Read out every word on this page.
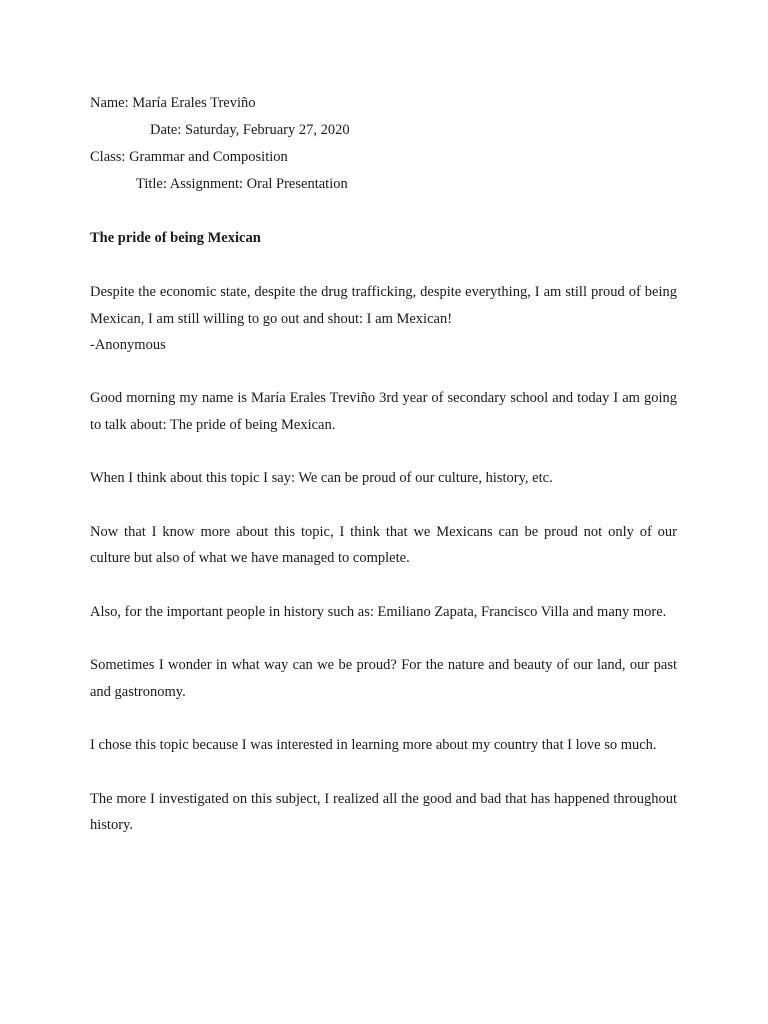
Name: María Erales Treviño
Date: Saturday, February 27, 2020
Class: Grammar and Composition
Title: Assignment: Oral Presentation
The pride of being Mexican

Despite the economic state, despite the drug trafficking, despite everything, I am still proud of being Mexican, I am still willing to go out and shout: I am Mexican!

-Anonymous

Good morning my name is María Erales Treviño 3rd year of secondary school and today I am going to talk about: The pride of being Mexican.
When I think about this topic I say: We can be proud of our culture, history, etc.
Now that I know more about this topic, I think that we Mexicans can be proud not only of our culture but also of what we have managed to complete.
Also, for the important people in history such as: Emiliano Zapata, Francisco Villa and many more.
Sometimes I wonder in what way can we be proud? For the nature and beauty of our land, our past and gastronomy.
I chose this topic because I was interested in learning more about my country that I love so much.
The more I investigated on this subject, I realized all the good and bad that has happened throughout history.
